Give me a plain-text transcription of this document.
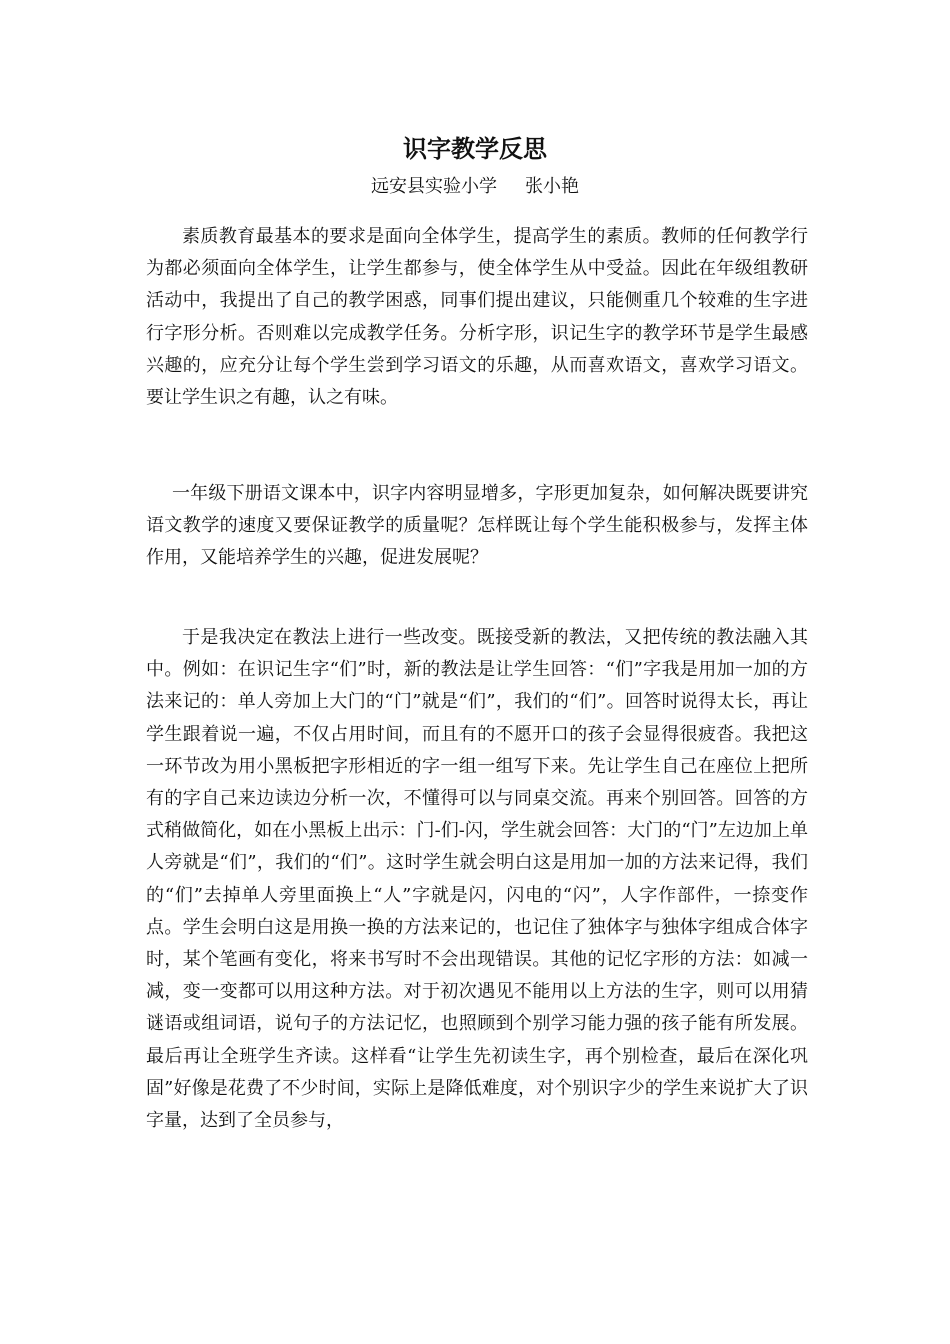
识字教学反思
远安县实验小学 张小艳

素质教育最基本的要求是面向全体学生，提高学生的素质。教师的任何教学行为都必须面向全体学生，让学生都参与，使全体学生从中受益。因此在年级组教研活动中，我提出了自己的教学困惑，同事们提出建议，只能侧重几个较难的生字进行字形分析。否则难以完成教学任务。分析字形，识记生字的教学环节是学生最感兴趣的，应充分让每个学生尝到学习语文的乐趣，从而喜欢语文，喜欢学习语文。要让学生识之有趣，认之有味。

一年级下册语文课本中，识字内容明显增多，字形更加复杂，如何解决既要讲究语文教学的速度又要保证教学的质量呢？怎样既让每个学生能积极参与，发挥主体作用，又能培养学生的兴趣，促进发展呢？

于是我决定在教法上进行一些改变。既接受新的教法，又把传统的教法融入其中。例如：在识记生字“们”时，新的教法是让学生回答：“们”字我是用加一加的方法来记的：单人旁加上大门的“门”就是“们”，我们的“们”。回答时说得太长，再让学生跟着说一遍，不仅占用时间，而且有的不愿开口的孩子会显得很疲沓。我把这一环节改为用小黑板把字形相近的字一组一组写下来。先让学生自己在座位上把所有的字自己来边读边分析一次，不懂得可以与同桌交流。再来个别回答。回答的方式稍做简化，如在小黑板上出示：门-们-闪，学生就会回答：大门的“门”左边加上单人旁就是“们”，我们的“们”。这时学生就会明白这是用加一加的方法来记得，我们的“们”去掉单人旁里面换上“人”字就是闪，闪电的“闪”，人字作部件，一捺变作点。学生会明白这是用换一换的方法来记的，也记住了独体字与独体字组成合体字时，某个笔画有变化，将来书写时不会出现错误。其他的记忆字形的方法：如减一减，变一变都可以用这种方法。对于初次遇见不能用以上方法的生字，则可以用猜谜语或组词语，说句子的方法记忆，也照顾到个别学习能力强的孩子能有所发展。最后再让全班学生齐读。这样看“让学生先初读生字，再个别检查，最后在深化巩固”好像是花费了不少时间，实际上是降低难度，对个别识字少的学生来说扩大了识字量，达到了全员参与，
